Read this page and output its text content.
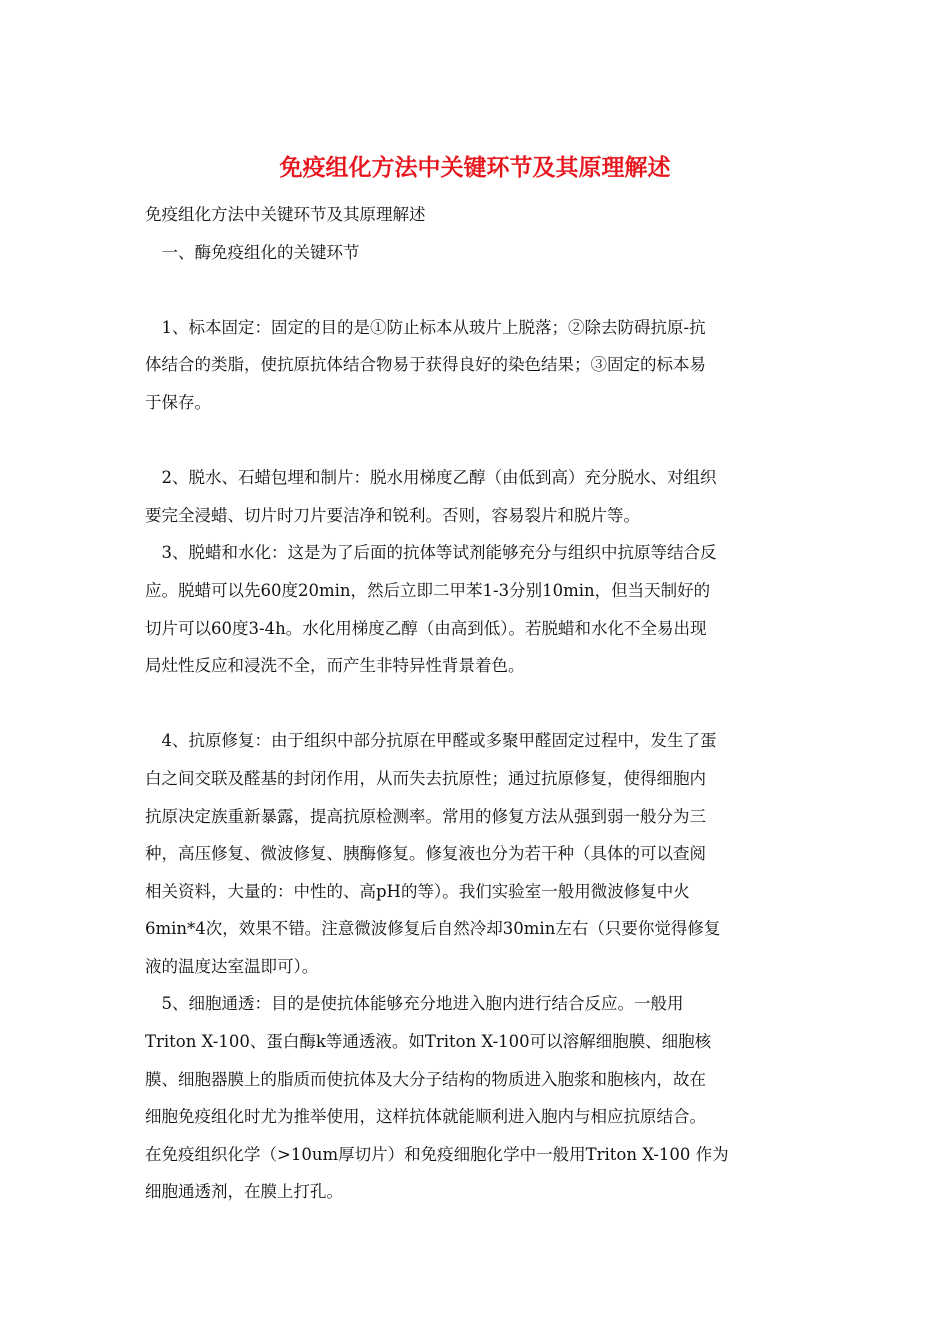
免疫组化方法中关键环节及其原理解述

免疫组化方法中关键环节及其原理解述

　一、酶免疫组化的关键环节

　1、标本固定：固定的目的是①防止标本从玻片上脱落；②除去防碍抗原-抗

体结合的类脂，使抗原抗体结合物易于获得良好的染色结果；③固定的标本易

于保存。

　2、脱水、石蜡包埋和制片：脱水用梯度乙醇（由低到高）充分脱水、对组织

要完全浸蜡、切片时刀片要洁净和锐利。否则，容易裂片和脱片等。

　3、脱蜡和水化：这是为了后面的抗体等试剂能够充分与组织中抗原等结合反

应。脱蜡可以先60度20min，然后立即二甲苯1-3分别10min，但当天制好的

切片可以60度3-4h。水化用梯度乙醇（由高到低）。若脱蜡和水化不全易出现

局灶性反应和浸洗不全，而产生非特异性背景着色。

　4、抗原修复：由于组织中部分抗原在甲醛或多聚甲醛固定过程中，发生了蛋

白之间交联及醛基的封闭作用，从而失去抗原性；通过抗原修复，使得细胞内

抗原决定族重新暴露，提高抗原检测率。常用的修复方法从强到弱一般分为三

种，高压修复、微波修复、胰酶修复。修复液也分为若干种（具体的可以查阅

相关资料，大量的：中性的、高pH的等）。我们实验室一般用微波修复中火

6min*4次，效果不错。注意微波修复后自然冷却30min左右（只要你觉得修复

液的温度达室温即可）。

　5、细胞通透：目的是使抗体能够充分地进入胞内进行结合反应。一般用

Triton X-100、蛋白酶k等通透液。如Triton X-100可以溶解细胞膜、细胞核

膜、细胞器膜上的脂质而使抗体及大分子结构的物质进入胞浆和胞核内，故在

细胞免疫组化时尤为推举使用，这样抗体就能顺利进入胞内与相应抗原结合。

在免疫组织化学（>10um厚切片）和免疫细胞化学中一般用Triton X-100 作为

细胞通透剂，在膜上打孔。
